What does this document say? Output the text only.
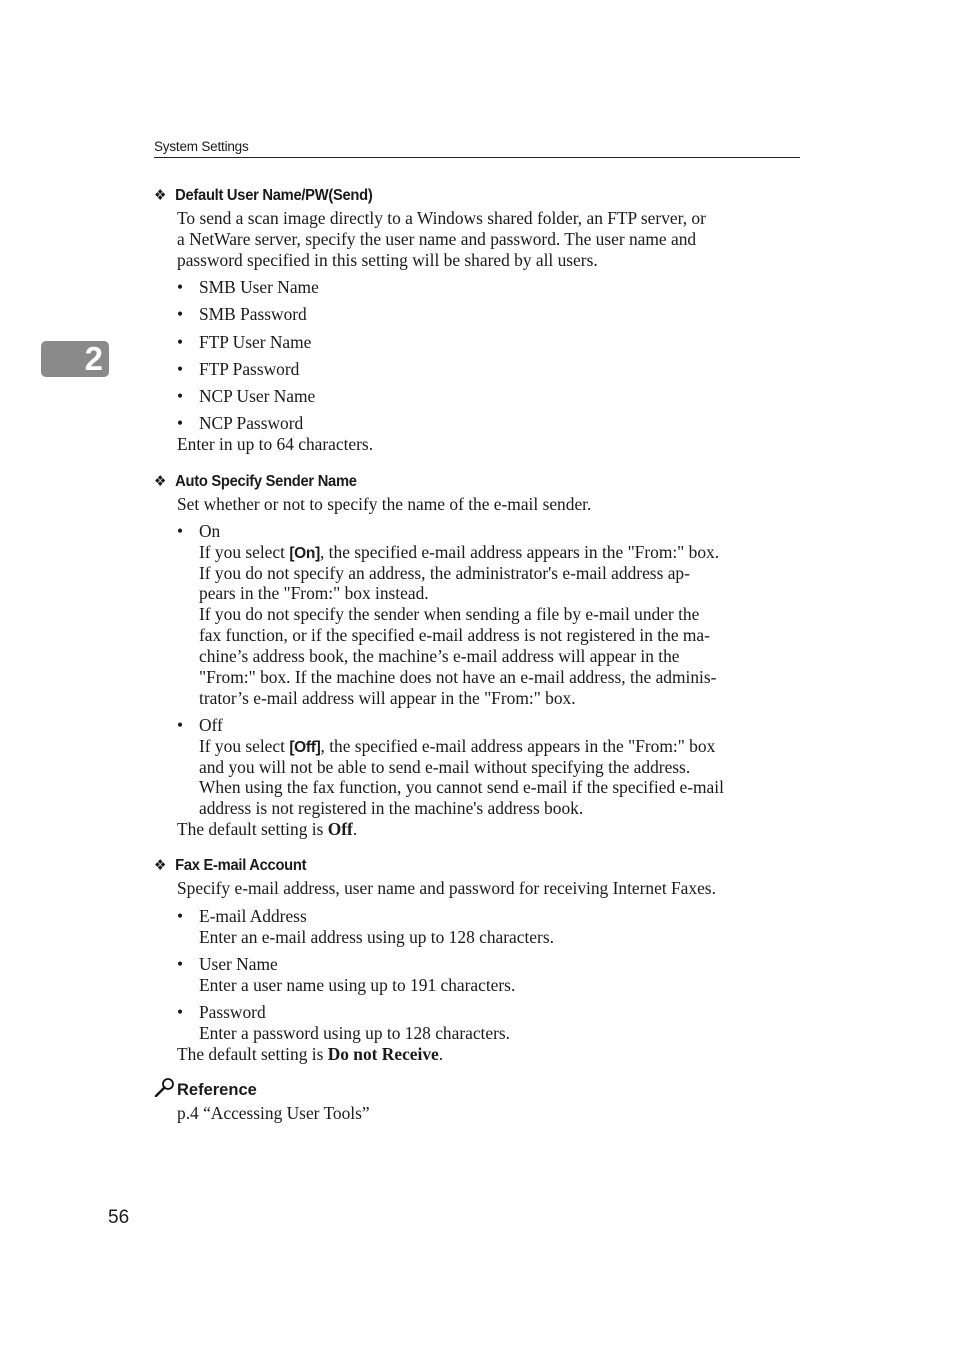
System Settings
2
❖ Default User Name/PW(Send)
To send a scan image directly to a Windows shared folder, an FTP server, or
a NetWare server, specify the user name and password. The user name and
password specified in this setting will be shared by all users.
• SMB User Name
• SMB Password
• FTP User Name
• FTP Password
• NCP User Name
• NCP Password
Enter in up to 64 characters.
❖ Auto Specify Sender Name
Set whether or not to specify the name of the e-mail sender.
• On
If you select [On], the specified e-mail address appears in the "From:" box.
If you do not specify an address, the administrator's e-mail address ap-
pears in the "From:" box instead.
If you do not specify the sender when sending a file by e-mail under the
fax function, or if the specified e-mail address is not registered in the ma-
chine’s address book, the machine’s e-mail address will appear in the
"From:" box. If the machine does not have an e-mail address, the adminis-
trator’s e-mail address will appear in the "From:" box.
• Off
If you select [Off], the specified e-mail address appears in the "From:" box
and you will not be able to send e-mail without specifying the address.
When using the fax function, you cannot send e-mail if the specified e-mail
address is not registered in the machine's address book.
The default setting is Off.
❖ Fax E-mail Account
Specify e-mail address, user name and password for receiving Internet Faxes.
• E-mail Address
Enter an e-mail address using up to 128 characters.
• User Name
Enter a user name using up to 191 characters.
• Password
Enter a password using up to 128 characters.
The default setting is Do not Receive.
Reference
p.4 “Accessing User Tools”
56
